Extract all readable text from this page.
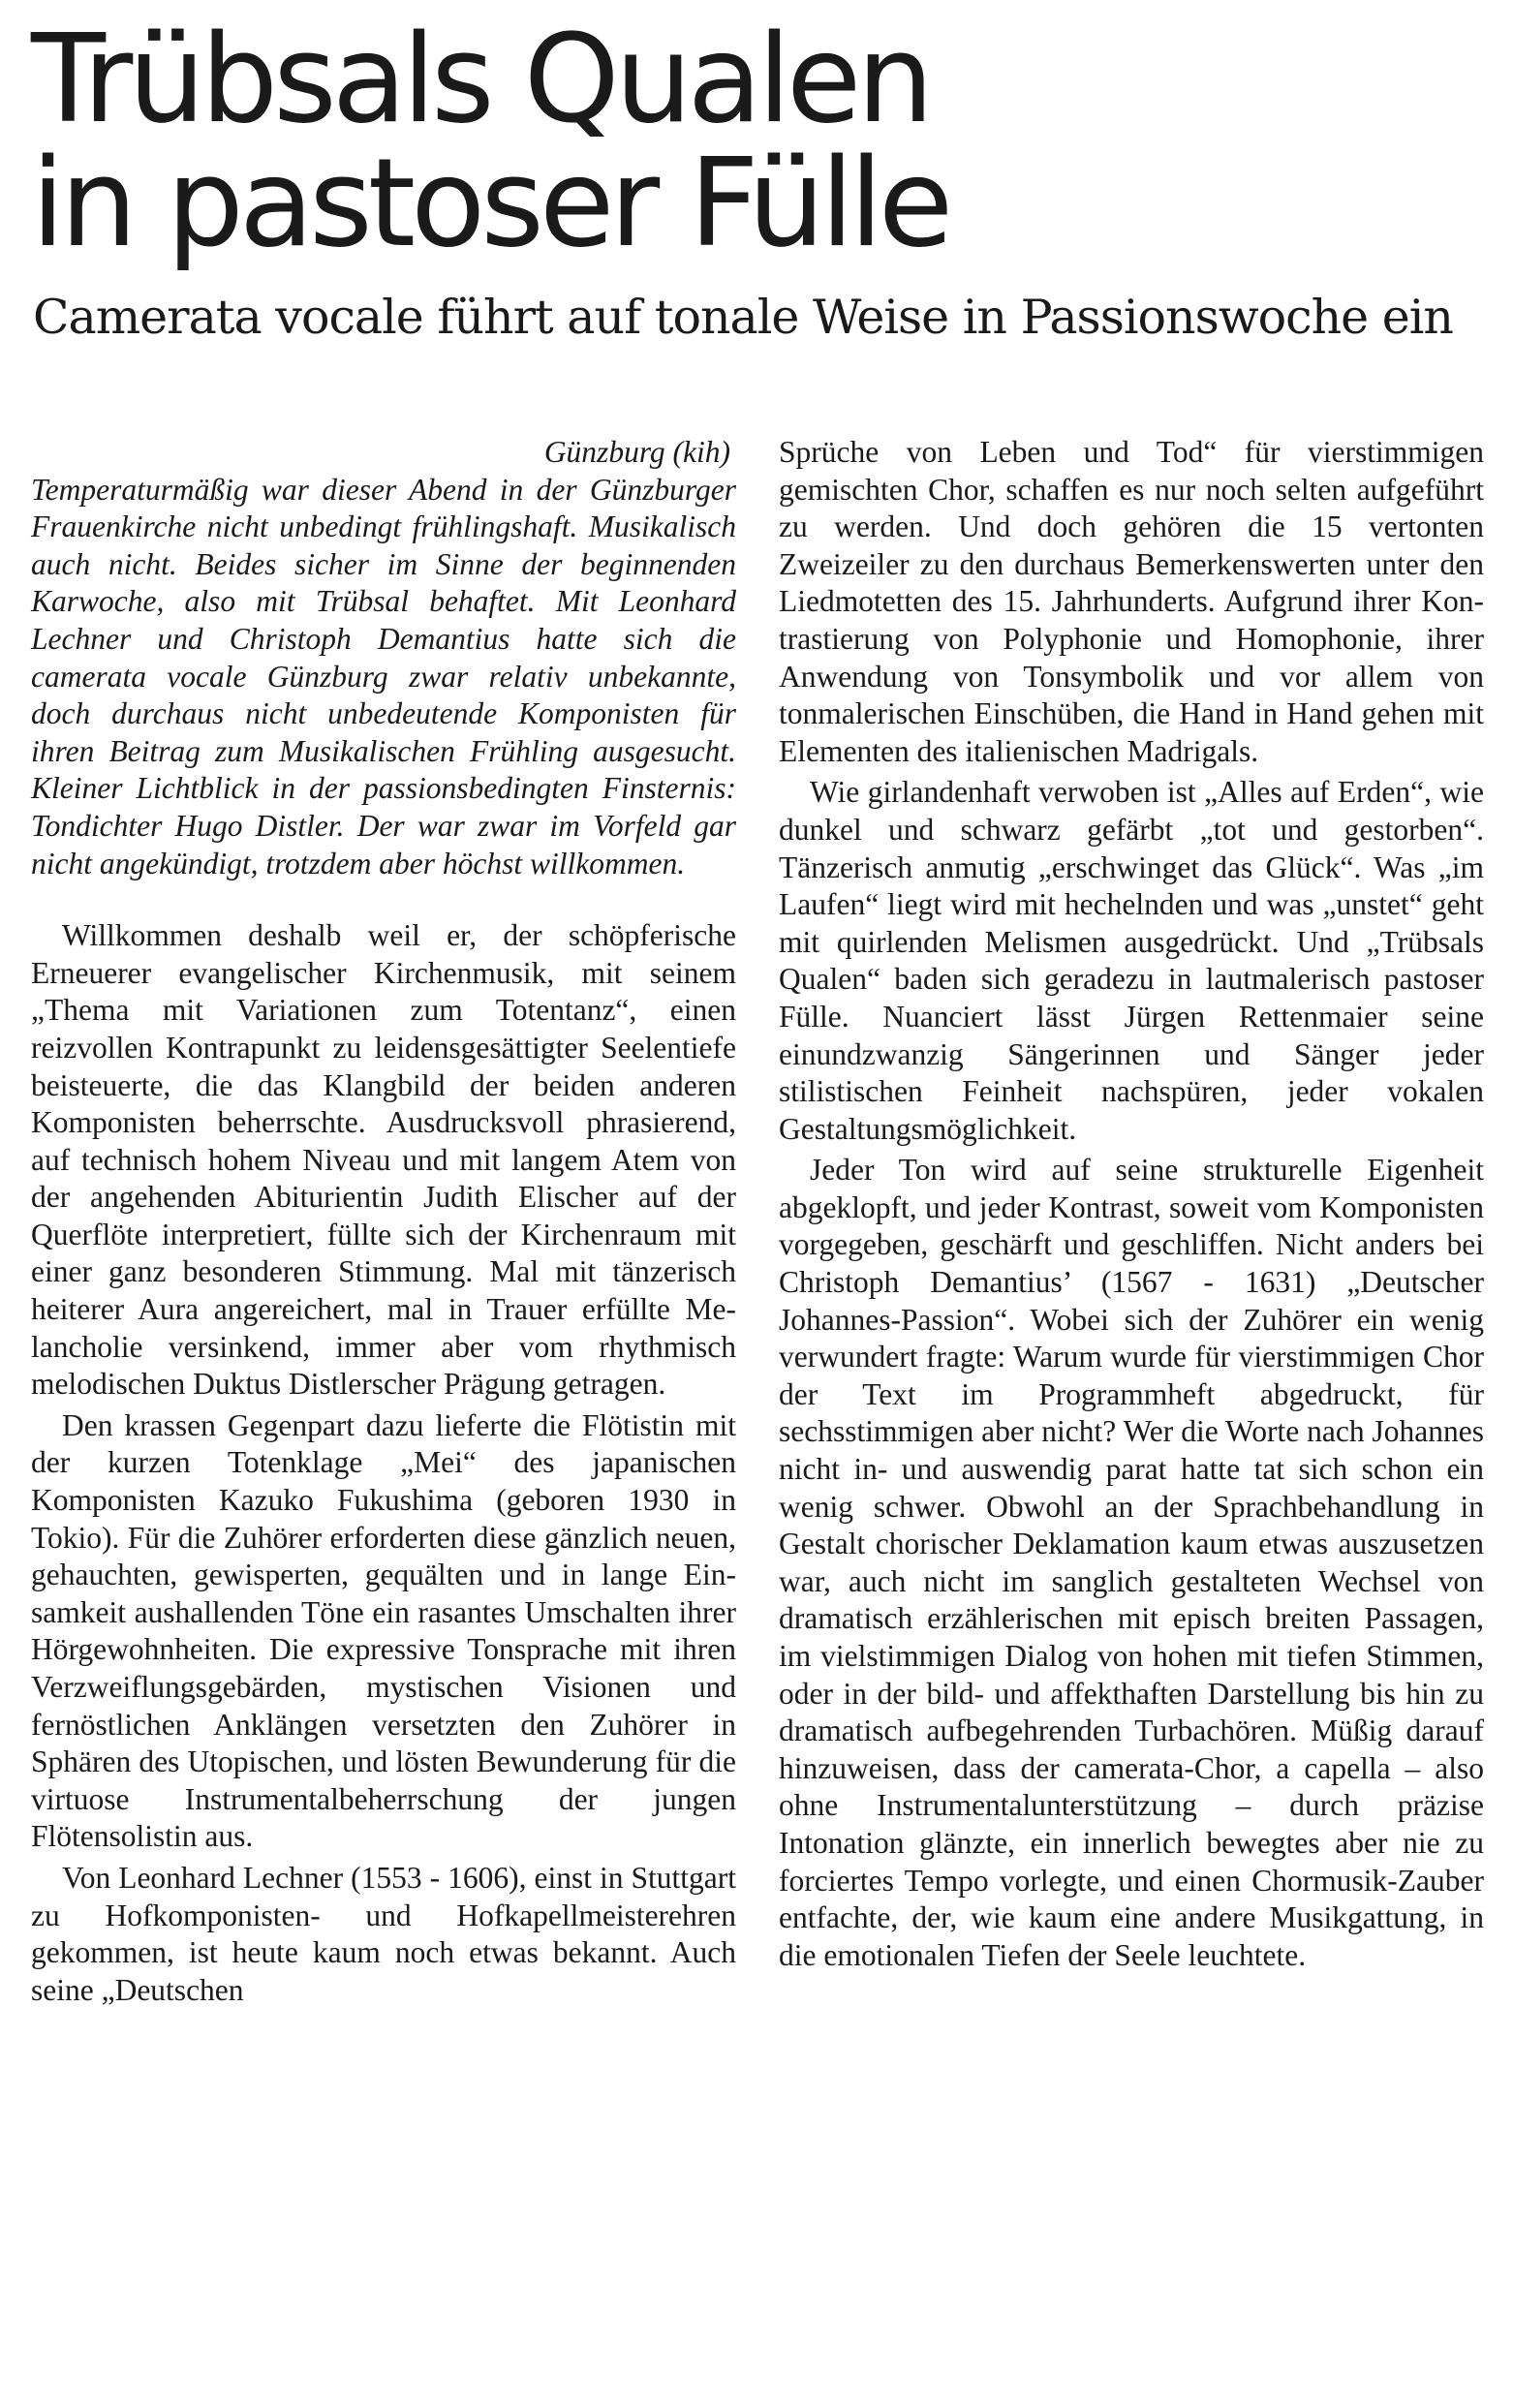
Trübsals Qualen
in pastoser Fülle
Camerata vocale führt auf tonale Weise in Passionswoche ein
Günzburg (kih)

Temperaturmäßig war dieser Abend in der Günzburger Frauenkirche nicht unbedingt frühlingshaft. Musikalisch auch nicht. Beides sicher im Sinne der beginnenden Karwoche, also mit Trübsal behaftet. Mit Leonhard Lechner und Christoph Demantius hatte sich die camerata vocale Günzburg zwar relativ unbekannte, doch durchaus nicht unbedeutende Komponisten für ihren Beitrag zum Musikalischen Frühling ausgesucht. Kleiner Lichtblick in der passionsbedingten Finsternis: Tondichter Hugo Distler. Der war zwar im Vorfeld gar nicht angekündigt, trotzdem aber höchst willkommen.

Willkommen deshalb weil er, der schöpferische Erneuerer evangelischer Kirchenmusik, mit seinem „Thema mit Variationen zum Totentanz“, einen reizvollen Kontrapunkt zu leidensgesättigter Seelentiefe beisteuerte, die das Klangbild der beiden anderen Komponisten beherrschte. Ausdrucksvoll phrasierend, auf technisch hohem Niveau und mit langem Atem von der angehenden Abiturientin Judith Elischer auf der Querflöte interpretiert, füllte sich der Kirchenraum mit einer ganz besonderen Stimmung. Mal mit tänzerisch heiterer Aura angereichert, mal in Trauer erfüllte Melancholie versinkend, immer aber vom rhythmisch melodischen Duktus Distlerscher Prägung getragen.

Den krassen Gegenpart dazu lieferte die Flötistin mit der kurzen Totenklage „Mei“ des japanischen Komponisten Kazuko Fukushima (geboren 1930 in Tokio). Für die Zuhörer erforderten diese gänzlich neuen, gehauchten, gewisperten, gequälten und in lange Einsamkeit aushallenden Töne ein rasantes Umschalten ihrer Hörgewohnheiten. Die expressive Tonsprache mit ihren Verzweiflungsgebärden, mystischen Visionen und fernöstlichen Anklängen versetzten den Zuhörer in Sphären des Utopischen, und lösten Bewunderung für die virtuose Instrumentalbeherrschung der jungen Flötensolistin aus.

Von Leonhard Lechner (1553 - 1606), einst in Stuttgart zu Hofkomponisten- und Hofkapellmeisterehren gekommen, ist heute kaum noch etwas bekannt. Auch seine „Deutschen

Sprüche von Leben und Tod“ für vierstimmigen gemischten Chor, schaffen es nur noch selten aufgeführt zu werden. Und doch gehören die 15 vertonten Zweizeiler zu den durchaus Bemerkenswerten unter den Liedmotetten des 15. Jahrhunderts. Aufgrund ihrer Kontrastierung von Polyphonie und Homophonie, ihrer Anwendung von Tonsymbolik und vor allem von tonmalerischen Einschüben, die Hand in Hand gehen mit Elementen des italienischen Madrigals.

Wie girlandenhaft verwoben ist „Alles auf Erden“, wie dunkel und schwarz gefärbt „tot und gestorben“. Tänzerisch anmutig „erschwinget das Glück“. Was „im Laufen“ liegt wird mit hechelnden und was „unstet“ geht mit quirlenden Melismen ausgedrückt. Und „Trübsals Qualen“ baden sich geradezu in lautmalerisch pastoser Fülle. Nuanciert lässt Jürgen Rettenmaier seine einundzwanzig Sängerinnen und Sänger jeder stilistischen Feinheit nachspüren, jeder vokalen Gestaltungsmöglichkeit.

Jeder Ton wird auf seine strukturelle Eigenheit abgeklopft, und jeder Kontrast, soweit vom Komponisten vorgegeben, geschärft und geschliffen. Nicht anders bei Christoph Demantius’ (1567 - 1631) „Deutscher Johannes-Passion“. Wobei sich der Zuhörer ein wenig verwundert fragte: Warum wurde für vierstimmigen Chor der Text im Programmheft abgedruckt, für sechsstimmigen aber nicht? Wer die Worte nach Johannes nicht in- und auswendig parat hatte tat sich schon ein wenig schwer. Obwohl an der Sprachbehandlung in Gestalt chorischer Deklamation kaum etwas auszusetzen war, auch nicht im sanglich gestalteten Wechsel von dramatisch erzählerischen mit episch breiten Passagen, im vielstimmigen Dialog von hohen mit tiefen Stimmen, oder in der bild- und affekthaften Darstellung bis hin zu dramatisch aufbegehrenden Turbachören. Müßig darauf hinzuweisen, dass der camerata-Chor, a capella – also ohne Instrumentalunterstützung – durch präzise Intonation glänzte, ein innerlich bewegtes aber nie zu forciertes Tempo vorlegte, und einen Chormusik-Zauber entfachte, der, wie kaum eine andere Musikgattung, in die emotionalen Tiefen der Seele leuchtete.
